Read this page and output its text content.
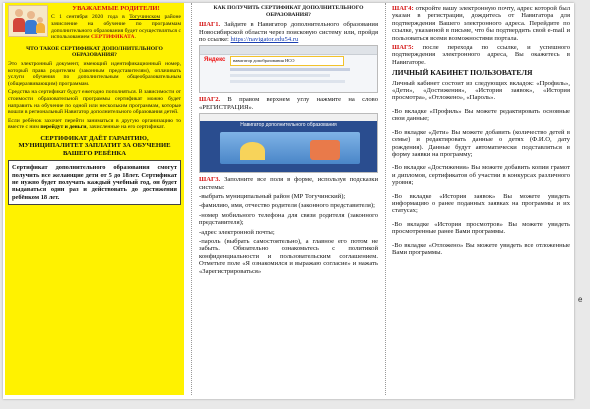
УВАЖАЕМЫЕ РОДИТЕЛИ!

С 1 сентября 2020 года в Тогучинском районе зачисление на обучение по программам дополнительного образования будет осуществляться с использованием СЕРТИФИКАТА.

ЧТО ТАКОЕ СЕРТИФИКАТ ДОПОЛНИТЕЛЬНОГО ОБРАЗОВАНИЯ?

Это электронный документ, имеющий идентификационный номер, который права родителям (законным представителям), оплачивать услуги обучения по дополнительным общеобразовательным (общеразвивающим) программам.

Средства на сертификат будут ежегодно пополняться. В зависимости от стоимости образовательной программы сертификат можно будет направить на обучение по одной или нескольким программам, которые вошли в региональный Навигатор дополнительного образования детей.

Если ребёнок захочет перейти заниматься в другую организацию то вместе с ним перейдут и деньги, зачисленные на его сертификат.

СЕРТИФИКАТ ДАЁТ ГАРАНТИЮ, МУНИЦИПАЛИТЕТ ЗАПЛАТИТ ЗА ОБУЧЕНИЕ ВАШЕГО РЕБЁНКА
Сертификат дополнительного образования смогут получить все желающие дети от 5 до 18лет. Сертификат не нужно будет получать каждый учебный год, он будет выдаваться один раз и действовать до достижения ребёнком 18 лет.
КАК ПОЛУЧИТЬ СЕРТИФИКАТ ДОПОЛНИТЕЛЬНОГО ОБРАЗОВАНИЯ?

ШАГ1. Зайдите в Навигатор дополнительного образования Новосибирской области через поисковую систему или, пройдя по ссылке: https://navigator.edu54.ru

Яндекс	навигатор допобразования НСО

ШАГ2. В правом верхнем углу нажмите на слово «РЕГИСТРАЦИЯ».

Навигатор дополнительного образования

ШАГ3. Заполните все поля в форме, используя подсказки системы:

-выбрать муниципальный район (МР Тогучинский);

-фамилию, имя, отчество родителя (законного представителя);

-номер мобильного телефона для связи родителя (законного представителя);

-адрес электронной почты;

-пароль (выбрать самостоятельно), а главное его потом не забыть. Обязательно ознакомьтесь с политикой конфиденциальности и пользовательским соглашением. Отметьте поле «Я ознакомился и выражаю согласие» и нажать «Зарегистрироваться»

ШАГ4: откройте вашу электронную почту, адрес которой был указан в регистрации, дождитесь от Навигатора для подтверждения Вашего электронного адреса. Перейдите по ссылке, указанной в письме, что бы подтвердить свой e-mail и пользоваться всеми возможностями портала.

ШАГ5: после перехода по ссылке, и успешного подтверждения электронного адреса, Вы окажетесь в Навигаторе.

ЛИЧНЫЙ КАБИНЕТ ПОЛЬЗОВАТЕЛЯ

Личный кабинет состоит из следующих вкладок: «Профиль», «Дети», «Достижения», «История заявок», «История просмотра», «Отложено», «Пароль».

-Во вкладке «Профиль» Вы можете редактировать основные свои данные;

-Во вкладке «Дети» Вы можете добавить (количество детей в семье) и редактировать данные о детях (Ф.И.О, дату рождения). Данные будут автоматически подставляться в форму заявки на программу;

-Во вкладке «Достижения» Вы можете добавить копии грамот и дипломов, сертификатов об участии в конкурсах различного уровня;

-Во вкладке «История заявок» Вы можете увидеть информацию о ранее поданных заявках на программы и их статусах;

-Во вкладке «История просмотров» Вы можете увидеть просмотренные ранее Вами программы.

-Во вкладке «Отложено» Вы можете увидеть все отложенные Вами программы.

e
